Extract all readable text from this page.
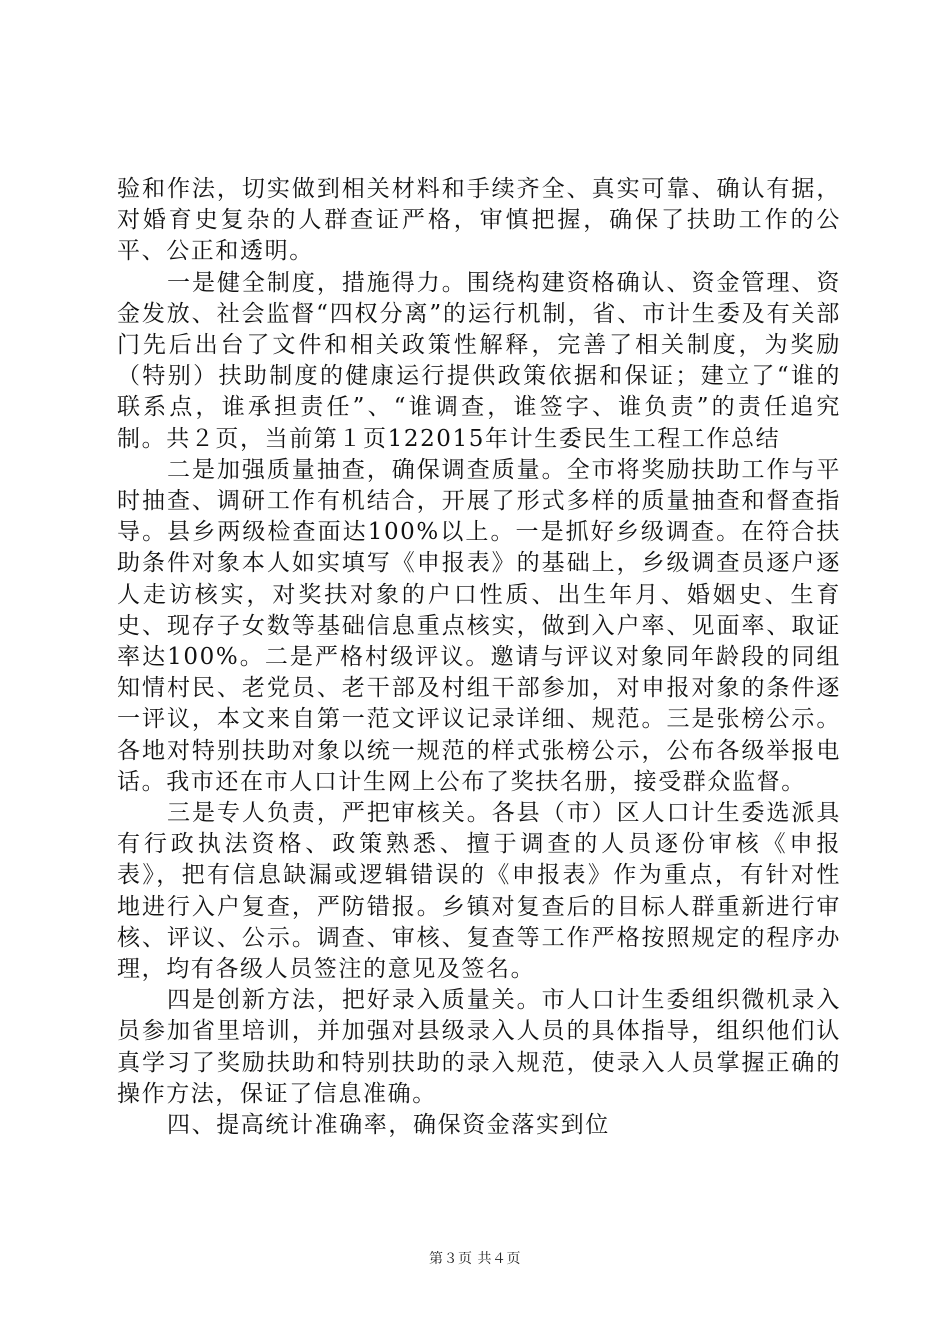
验和作法，切实做到相关材料和手续齐全、真实可靠、确认有据，对婚育史复杂的人群查证严格，审慎把握，确保了扶助工作的公平、公正和透明。

一是健全制度，措施得力。围绕构建资格确认、资金管理、资金发放、社会监督“四权分离”的运行机制，省、市计生委及有关部门先后出台了文件和相关政策性解释，完善了相关制度，为奖励（特别）扶助制度的健康运行提供政策依据和保证；建立了“谁的联系点，谁承担责任”、“谁调查，谁签字、谁负责”的责任追究制。共２页，当前第１页122015年计生委民生工程工作总结

二是加强质量抽查，确保调查质量。全市将奖励扶助工作与平时抽查、调研工作有机结合，开展了形式多样的质量抽查和督查指导。县乡两级检查面达100%以上。一是抓好乡级调查。在符合扶助条件对象本人如实填写《申报表》的基础上，乡级调查员逐户逐人走访核实，对奖扶对象的户口性质、出生年月、婚姻史、生育史、现存子女数等基础信息重点核实，做到入户率、见面率、取证率达100%。二是严格村级评议。邀请与评议对象同年龄段的同组知情村民、老党员、老干部及村组干部参加，对申报对象的条件逐一评议，本文来自第一范文评议记录详细、规范。三是张榜公示。各地对特别扶助对象以统一规范的样式张榜公示，公布各级举报电话。我市还在市人口计生网上公布了奖扶名册，接受群众监督。

三是专人负责，严把审核关。各县（市）区人口计生委选派具有行政执法资格、政策熟悉、擅于调查的人员逐份审核《申报表》，把有信息缺漏或逻辑错误的《申报表》作为重点，有针对性地进行入户复查，严防错报。乡镇对复查后的目标人群重新进行审核、评议、公示。调查、审核、复查等工作严格按照规定的程序办理，均有各级人员签注的意见及签名。

四是创新方法，把好录入质量关。市人口计生委组织微机录入员参加省里培训，并加强对县级录入人员的具体指导，组织他们认真学习了奖励扶助和特别扶助的录入规范，使录入人员掌握正确的操作方法，保证了信息准确。

四、提高统计准确率，确保资金落实到位

第３页 共４页
